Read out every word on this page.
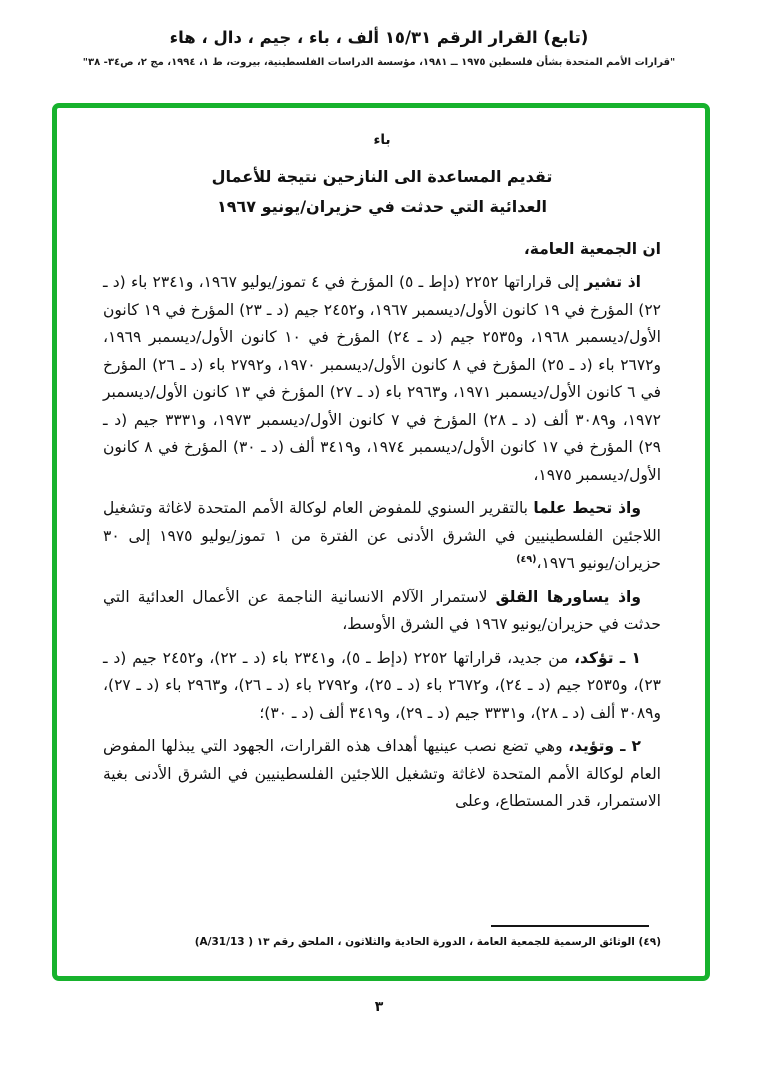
(تابع) القرار الرقم ١٥/٣١ ألف ، باء ، جيم ، دال ، هاء
"قرارات الأمم المتحدة بشأن فلسطين ١٩٧٥ ــ ١٩٨١، مؤسسة الدراسات الفلسطينية، بيروت، ط ١، ١٩٩٤، مج ٢، ص٣٤- ٣٨"
باء
تقديم المساعدة الى النازحين نتيجة للأعمال
العدائية التي حدثت في حزيران/يونيو ١٩٦٧
ان الجمعية العامة،

اذ تشير إلى قراراتها ٢٢٥٢ (دإط ـ ٥) المؤرخ في ٤ تموز/يوليو ١٩٦٧، و٢٣٤١ باء (د ـ ٢٢) المؤرخ في ١٩ كانون الأول/ديسمبر ١٩٦٧، و٢٤٥٢ جيم (د ـ ٢٣) المؤرخ في ١٩ كانون الأول/ديسمبر ١٩٦٨، و٢٥٣٥ جيم (د ـ ٢٤) المؤرخ في ١٠ كانون الأول/ديسمبر ١٩٦٩، و٢٦٧٢ باء (د ـ ٢٥) المؤرخ في ٨ كانون الأول/ديسمبر ١٩٧٠، و٢٧٩٢ باء (د ـ ٢٦) المؤرخ في ٦ كانون الأول/ديسمبر ١٩٧١، و٢٩٦٣ باء (د ـ ٢٧) المؤرخ في ١٣ كانون الأول/ديسمبر ١٩٧٢، و٣٠٨٩ ألف (د ـ ٢٨) المؤرخ في ٧ كانون الأول/ديسمبر ١٩٧٣، و٣٣٣١ جيم (د ـ ٢٩) المؤرخ في ١٧ كانون الأول/ديسمبر ١٩٧٤، و٣٤١٩ ألف (د ـ ٣٠) المؤرخ في ٨ كانون الأول/ديسمبر ١٩٧٥،

واذ تحيط علما بالتقرير السنوي للمفوض العام لوكالة الأمم المتحدة لاغاثة وتشغيل اللاجئين الفلسطينيين في الشرق الأدنى عن الفترة من ١ تموز/يوليو ١٩٧٥ إلى ٣٠ حزيران/يونيو ١٩٧٦،$^{(٤٩)}$

واذ يساورها القلق لاستمرار الآلام الانسانية الناجمة عن الأعمال العدائية التي حدثت في حزيران/يونيو ١٩٦٧ في الشرق الأوسط،

١ ـ تؤكد، من جديد، قراراتها ٢٢٥٢ (دإط ـ ٥)، و٢٣٤١ باء (د ـ ٢٢)، و٢٤٥٢ جيم (د ـ ٢٣)، و٢٥٣٥ جيم (د ـ ٢٤)، و٢٦٧٢ باء (د ـ ٢٥)، و٢٧٩٢ باء (د ـ ٢٦)، و٢٩٦٣ باء (د ـ ٢٧)، و٣٠٨٩ ألف (د ـ ٢٨)، و٣٣٣١ جيم (د ـ ٢٩)، و٣٤١٩ ألف (د ـ ٣٠)؛

٢ ـ وتؤيد، وهي تضع نصب عينيها أهداف هذه القرارات، الجهود التي يبذلها المفوض العام لوكالة الأمم المتحدة لاغاثة وتشغيل اللاجئين الفلسطينيين في الشرق الأدنى بغية الاستمرار، قدر المستطاع، وعلى

(٤٩) الوثائق الرسمية للجمعية العامة ، الدورة الحادية والثلاثون ، الملحق رقم ١٣ ( A/31/13)
٣
